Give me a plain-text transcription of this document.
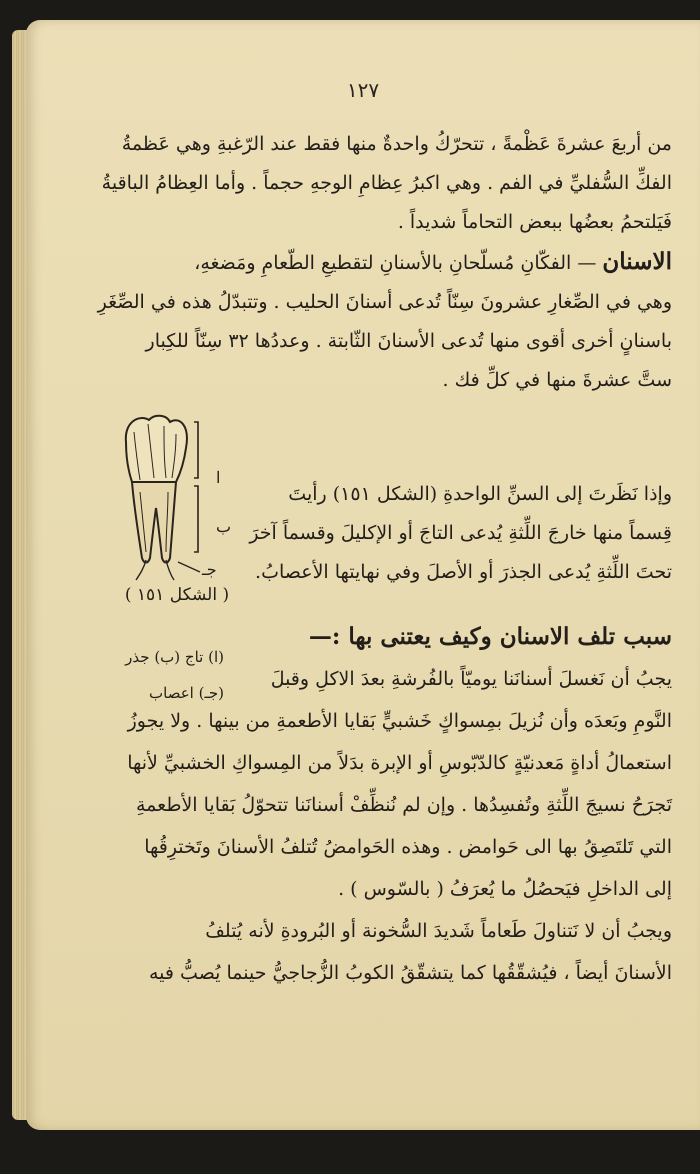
١٢٧
من أربعَ عشرةَ عَظْمةً ، تتحرّكُ واحدةٌ منها فقط عند الرّغبةِ وهي عَظمةُ
الفكِّ السُّفليِّ في الفم . وهي اكبرُ عِظامِ الوجهِ حجماً . وأما العِظامُ الباقيةُ
فَيَلتحمُ بعضُها ببعض التحاماً شديداً .
الاسنان — الفكّانِ مُسلّحانِ بالأسنانِ لتقطيعِ الطّعامِ ومَضغهِ،
وهي في الصِّغارِ عشرونَ سِنّاً تُدعى أسنانَ الحليب . وتتبدّلُ هذه في الصِّغَرِ
باسنانٍ أخرى أقوى منها تُدعى الأسنانَ الثّابتة . وعددُها ٣٢ سِنّاً للكِبار
ستَّ عشرةَ منها في كلِّ فك .
وإذا نَظَرتَ إلى السنِّ الواحدةِ (الشكل ١٥١) رأيتَ
قِسماً منها خارجَ اللِّثةِ يُدعى التاجَ أو الإكليلَ وقسماً آخرَ
تحتَ اللِّثةِ يُدعى الجذرَ أو الأصلَ وفي نهايتها الأعصابُ.
ا
ب
جـ
( الشكل ١٥١ )
(ا) تاج (ب) جذر
(جـ) اعصاب
سبب تلف الاسنان وكيف يعتنى بها :—
يجبُ أن نَغسلَ أسنانَنا يوميّاً بالفُرشةِ بعدَ الاكلِ وقبلَ
النَّومِ وبَعدَه وأن نُزيلَ بمِسواكٍ خَشبيٍّ بَقايا الأطعمةِ من بينها . ولا يجوزُ
استعمالُ أداةٍ مَعدنيّةٍ كالدّبّوسِ أو الإبرة بدَلاً من المِسواكِ الخشبيِّ لأنها
تَجرَحُ نسيجَ اللِّثةِ وتُفسِدُها . وإن لم نُنظِّفْ أسنانَنا تتحوّلُ بَقايا الأطعمةِ
التي تَلتَصِقُ بها الى حَوامض . وهذه الحَوامضُ تُتلفُ الأسنانَ وتَخترِقُها
إلى الداخلِ فيَحصُلُ ما يُعرَفُ ( بالسّوس ) .
ويجبُ أن لا نَتناولَ طَعاماً شَديدَ السُّخونة أو البُرودةِ لأنه يُتلفُ
الأسنانَ أيضاً ، فيُشقّقُها كما يتشقّقُ الكوبُ الزُّجاجيُّ حينما يُصبُّ فيه
